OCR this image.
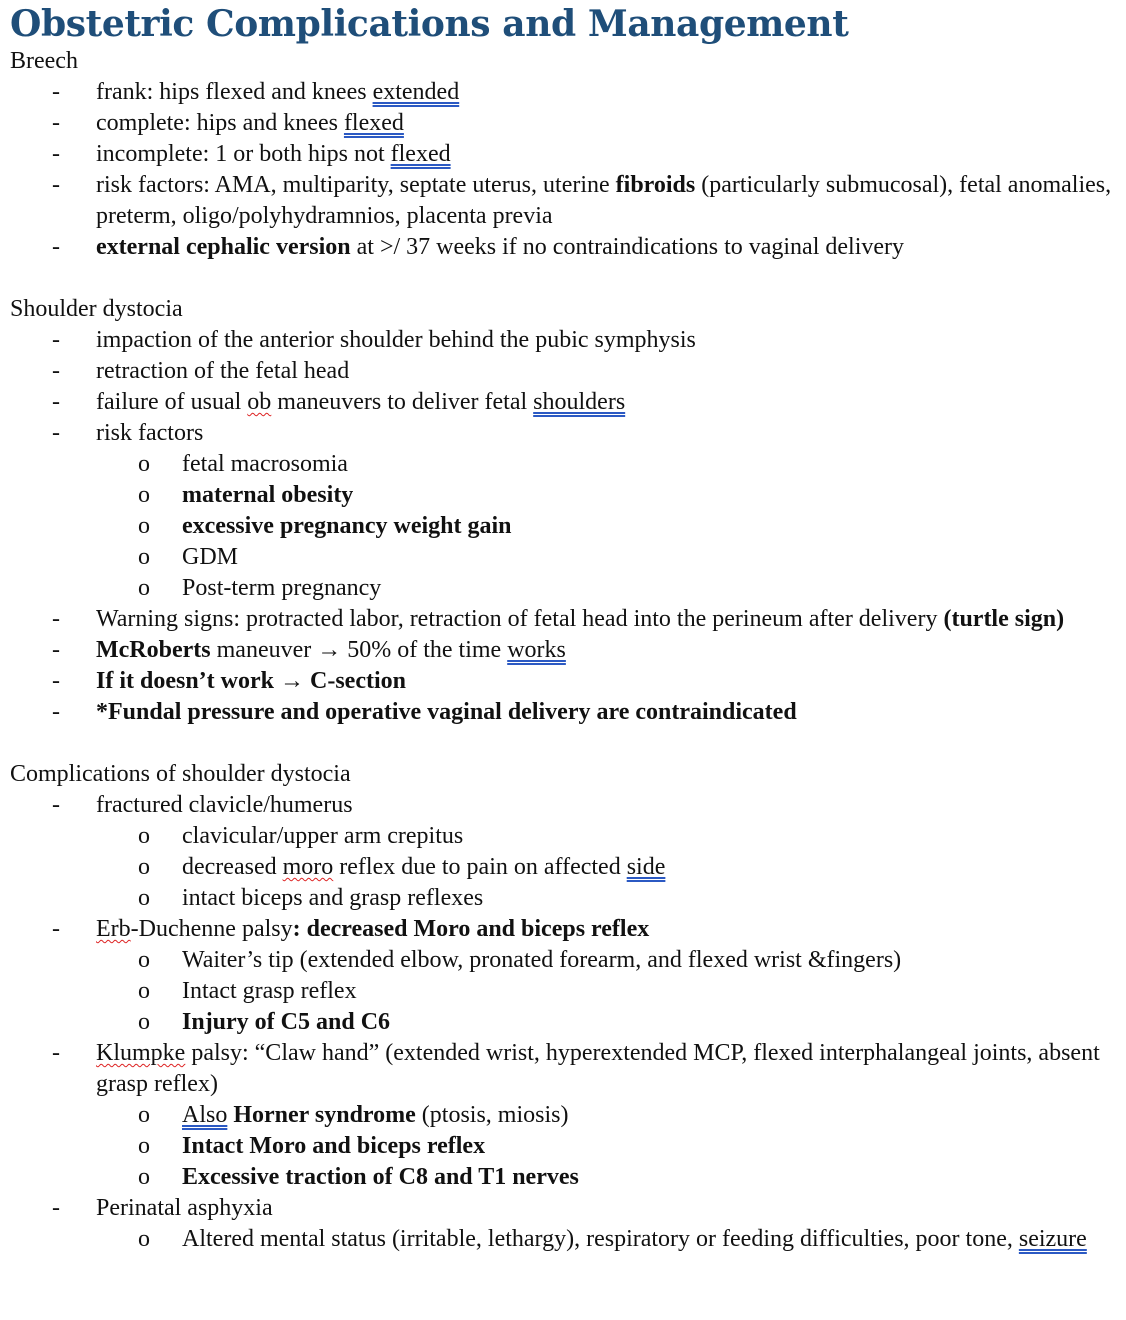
Obstetric Complications and Management

Breech

- frank: hips flexed and knees extended
- complete: hips and knees flexed
- incomplete: 1 or both hips not flexed
- risk factors: AMA, multiparity, septate uterus, uterine fibroids (particularly submucosal), fetal anomalies, preterm, oligo/polyhydramnios, placenta previa
- external cephalic version at >/ 37 weeks if no contraindications to vaginal delivery

Shoulder dystocia

- impaction of the anterior shoulder behind the pubic symphysis
- retraction of the fetal head
- failure of usual ob maneuvers to deliver fetal shoulders
- risk factors
o	fetal macrosomia
o	maternal obesity
o	excessive pregnancy weight gain
o	GDM
o	Post-term pregnancy
- Warning signs: protracted labor, retraction of fetal head into the perineum after delivery (turtle sign)
- McRoberts maneuver → 50% of the time works
- If it doesn’t work → C-section
- *Fundal pressure and operative vaginal delivery are contraindicated

Complications of shoulder dystocia

- fractured clavicle/humerus
o	clavicular/upper arm crepitus
o	decreased moro reflex due to pain on affected side
o	intact biceps and grasp reflexes
- Erb-Duchenne palsy: decreased Moro and biceps reflex
o	Waiter’s tip (extended elbow, pronated forearm, and flexed wrist &fingers)
o	Intact grasp reflex
o	Injury of C5 and C6
- Klumpke palsy: “Claw hand” (extended wrist, hyperextended MCP, flexed interphalangeal joints, absent grasp reflex)
o	Also Horner syndrome (ptosis, miosis)
o	Intact Moro and biceps reflex
o	Excessive traction of C8 and T1 nerves
- Perinatal asphyxia
o	Altered mental status (irritable, lethargy), respiratory or feeding difficulties, poor tone, seizure
